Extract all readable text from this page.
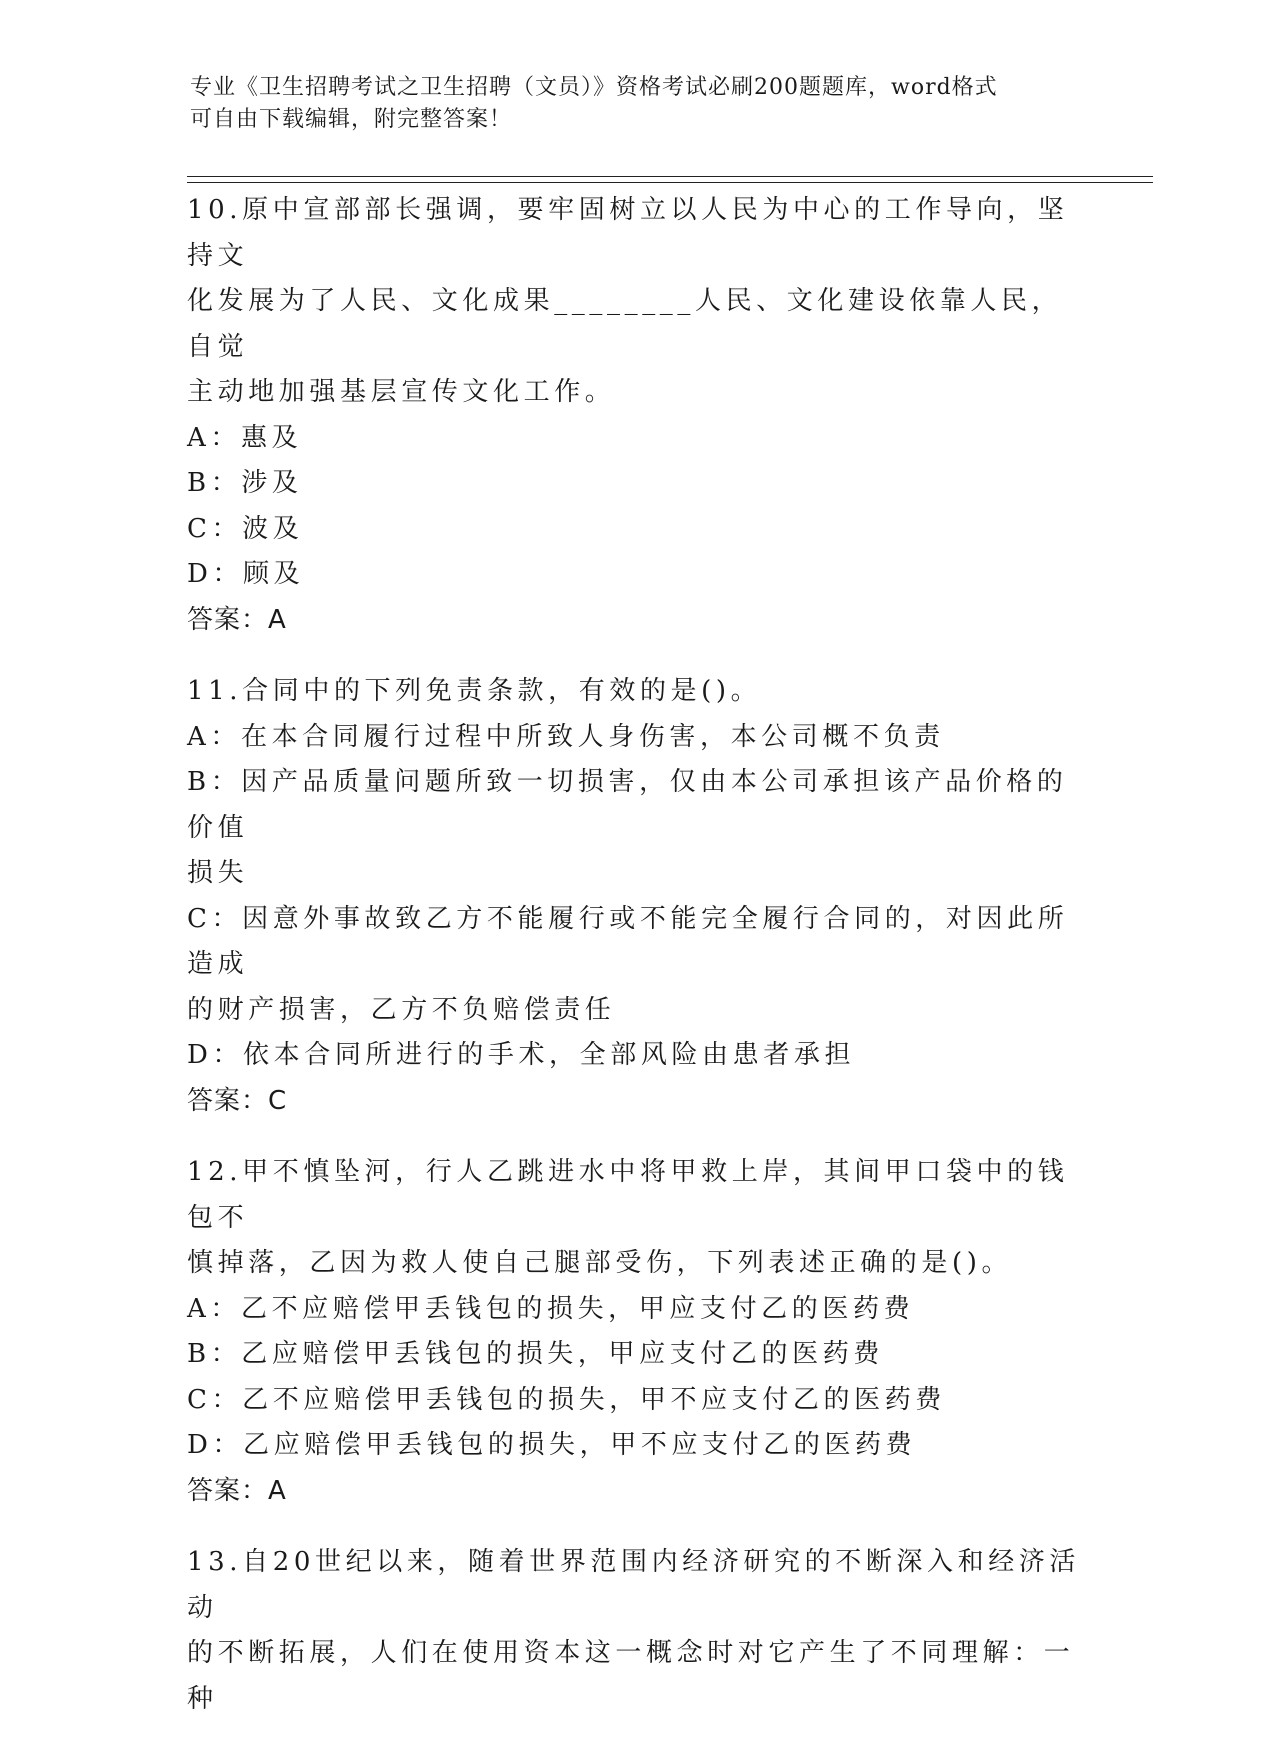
专业《卫生招聘考试之卫生招聘（文员）》资格考试必刷200题题库，word格式
可自由下载编辑，附完整答案！

10.原中宣部部长强调，要牢固树立以人民为中心的工作导向，坚持文

化发展为了人民、文化成果________人民、文化建设依靠人民，自觉

主动地加强基层宣传文化工作。

A：惠及

B：涉及

C：波及

D：顾及

答案：A

11.合同中的下列免责条款，有效的是()。

A：在本合同履行过程中所致人身伤害，本公司概不负责

B：因产品质量问题所致一切损害，仅由本公司承担该产品价格的价值

损失

C：因意外事故致乙方不能履行或不能完全履行合同的，对因此所造成

的财产损害，乙方不负赔偿责任

D：依本合同所进行的手术，全部风险由患者承担

答案：C

12.甲不慎坠河，行人乙跳进水中将甲救上岸，其间甲口袋中的钱包不

慎掉落，乙因为救人使自己腿部受伤，下列表述正确的是()。

A：乙不应赔偿甲丢钱包的损失，甲应支付乙的医药费

B：乙应赔偿甲丢钱包的损失，甲应支付乙的医药费

C：乙不应赔偿甲丢钱包的损失，甲不应支付乙的医药费

D：乙应赔偿甲丢钱包的损失，甲不应支付乙的医药费

答案：A

13.自20世纪以来，随着世界范围内经济研究的不断深入和经济活动

的不断拓展，人们在使用资本这一概念时对它产生了不同理解：一种
